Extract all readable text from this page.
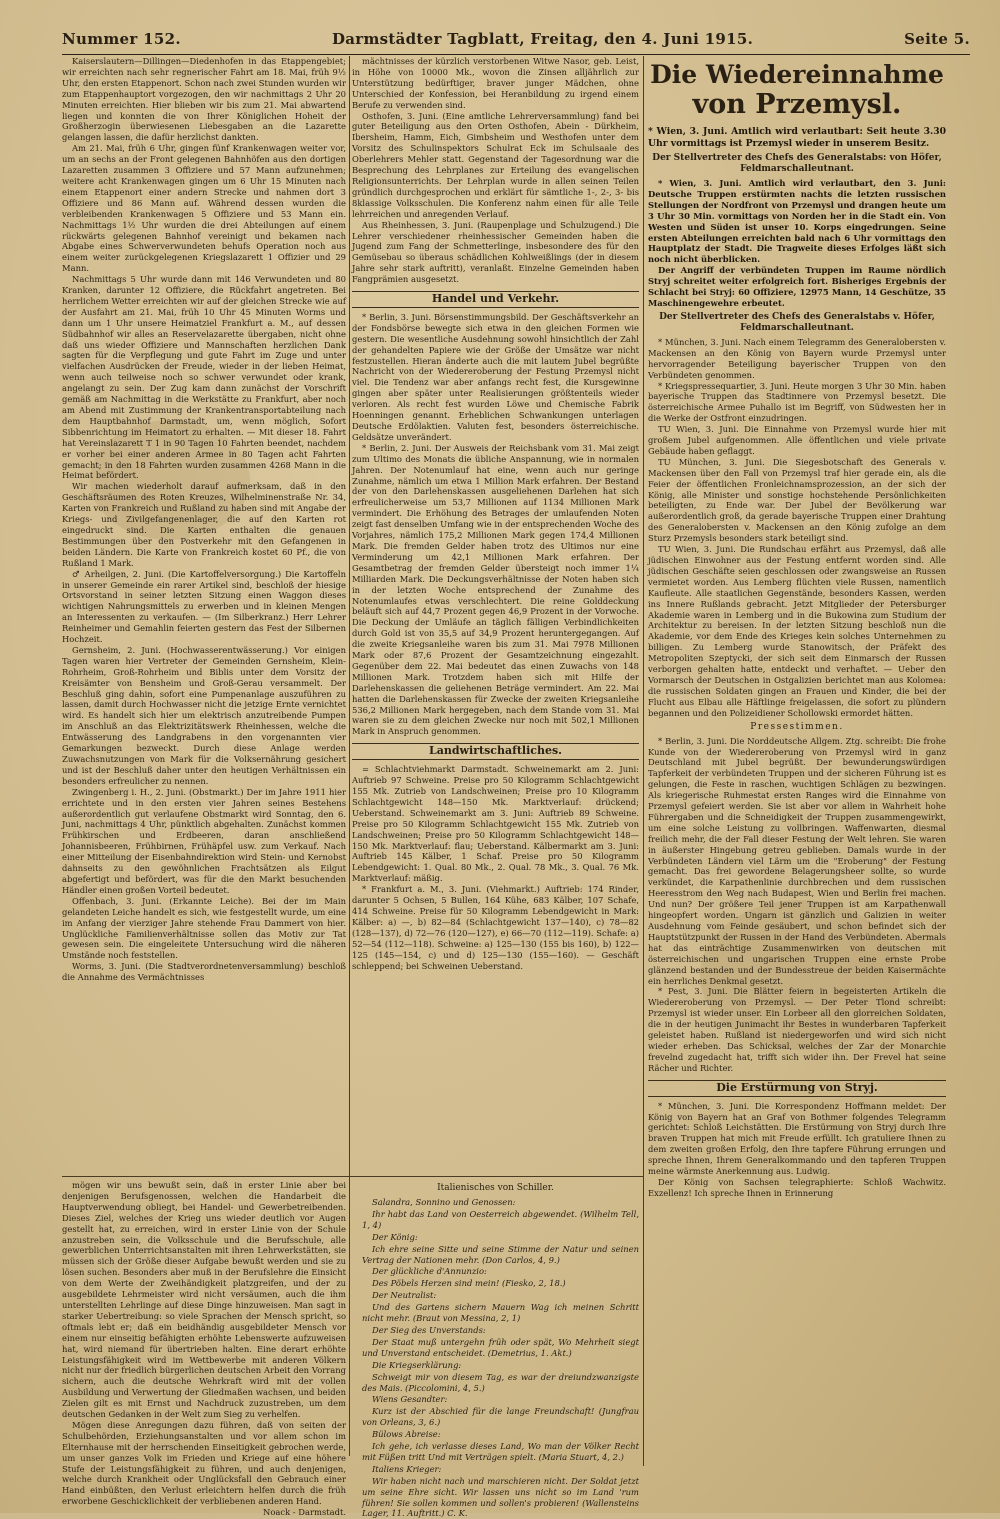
Nummer 152.	Darmstädter Tagblatt, Freitag, den 4. Juni 1915.	Seite 5.

Kaiserslautern—Dillingen—Diedenhofen in das Etappengebiet; wir erreichten nach sehr regnerischer Fahrt am 18. Mai, früh 9½ Uhr, den ersten Etappenort. Schon nach zwei Stunden wurden wir zum Etappenhauptort vorgezogen, den wir nachmittags 2 Uhr 20 Minuten erreichten. Hier blieben wir bis zum 21. Mai abwartend liegen und konnten die von Ihrer Königlichen Hoheit der Großherzogin überwiesenen Liebesgaben an die Lazarette gelangen lassen, die dafür herzlichst dankten.

Am 21. Mai, früh 6 Uhr, gingen fünf Krankenwagen weiter vor, um an sechs an der Front gelegenen Bahnhöfen aus den dortigen Lazaretten zusammen 3 Offiziere und 57 Mann aufzunehmen; weitere acht Krankenwagen gingen um 6 Uhr 15 Minuten nach einem Etappenort einer andern Strecke und nahmen dort 3 Offiziere und 86 Mann auf. Während dessen wurden die verbleibenden Krankenwagen 5 Offiziere und 53 Mann ein. Nachmittags 1½ Uhr wurden die drei Abteilungen auf einem rückwärts gelegenen Bahnhof vereinigt und bekamen nach Abgabe eines Schwerverwundeten behufs Operation noch aus einem weiter zurückgelegenen Kriegslazarett 1 Offizier und 29 Mann.

Nachmittags 5 Uhr wurde dann mit 146 Verwundeten und 80 Kranken, darunter 12 Offiziere, die Rückfahrt angetreten. Bei herrlichem Wetter erreichten wir auf der gleichen Strecke wie auf der Ausfahrt am 21. Mai, früh 10 Uhr 45 Minuten Worms und dann um 1 Uhr unsere Heimatziel Frankfurt a. M., auf dessen Südbahnhof wir alles an Reservelazarette übergaben, nicht ohne daß uns wieder Offiziere und Mannschaften herzlichen Dank sagten für die Verpflegung und gute Fahrt im Zuge und unter vielfachen Ausdrücken der Freude, wieder in der lieben Heimat, wenn auch teilweise noch so schwer verwundet oder krank, angelangt zu sein. Der Zug kam dann zunächst der Vorschrift gemäß am Nachmittag in die Werkstätte zu Frankfurt, aber noch am Abend mit Zustimmung der Krankentransportabteilung nach dem Hauptbahnhof Darmstadt, um, wenn möglich, Sofort Sibbenrichtung im Heimatort zu erhalten. — Mit dieser 18. Fahrt hat Vereinslazarett T 1 in 90 Tagen 10 Fahrten beendet, nachdem er vorher bei einer anderen Armee in 80 Tagen acht Fahrten gemacht; in den 18 Fahrten wurden zusammen 4268 Mann in die Heimat befördert.

Wir machen wiederholt darauf aufmerksam, daß in den Geschäftsräumen des Roten Kreuzes, Wilhelminenstraße Nr. 34, Karten von Frankreich und Rußland zu haben sind mit Angabe der Kriegs- und Zivilgefangenenlager, die auf den Karten rot eingedruckt sind. Die Karten enthalten die genauen Bestimmungen über den Postverkehr mit den Gefangenen in beiden Ländern. Die Karte von Frankreich kostet 60 Pf., die von Rußland 1 Mark.

♂ Arheilgen, 2. Juni. (Die Kartoffelversorgung.) Die Kartoffeln in unserer Gemeinde ein rarer Artikel sind, beschloß der hiesige Ortsvorstand in seiner letzten Sitzung einen Waggon dieses wichtigen Nahrungsmittels zu erwerben und in kleinen Mengen an Interessenten zu verkaufen. — (Im Silberkranz.) Herr Lehrer Reinheimer und Gemahlin feierten gestern das Fest der Silbernen Hochzeit.

Gernsheim, 2. Juni. (Hochwasserentwässerung.) Vor einigen Tagen waren hier Vertreter der Gemeinden Gernsheim, Klein-Rohrheim, Groß-Rohrheim und Biblis unter dem Vorsitz der Kreisämter von Bensheim und Groß-Gerau versammelt. Der Beschluß ging dahin, sofort eine Pumpenanlage auszuführen zu lassen, damit durch Hochwasser nicht die jetzige Ernte vernichtet wird. Es handelt sich hier um elektrisch anzutreibende Pumpen im Anschluß an das Elektrizitätswerk Rheinhessen, welche die Entwässerung des Landgrabens in den vorgenannten vier Gemarkungen bezweckt. Durch diese Anlage werden Zuwachsnutzungen von Mark für die Volksernährung gesichert und ist der Beschluß daher unter den heutigen Verhältnissen ein besonders erfreulicher zu nennen.

Zwingenberg i. H., 2. Juni. (Obstmarkt.) Der im Jahre 1911 hier errichtete und in den ersten vier Jahren seines Bestehens außerordentlich gut verlaufene Obstmarkt wird Sonntag, den 6. Juni, nachmittags 4 Uhr, pünktlich abgehalten. Zunächst kommen Frühkirschen und Erdbeeren, daran anschließend Johannisbeeren, Frühbirnen, Frühäpfel usw. zum Verkauf. Nach einer Mitteilung der Eisenbahndirektion wird Stein- und Kernobst dahnseits zu den gewöhnlichen Frachtsätzen als Eilgut abgefertigt und befördert, was für die den Markt besuchenden Händler einen großen Vorteil bedeutet.

Offenbach, 3. Juni. (Erkannte Leiche). Bei der im Main gelandeten Leiche handelt es sich, wie festgestellt wurde, um eine im Anfang der vierziger Jahre stehende Frau Dammert von hier. Unglückliche Familienverhältnisse sollen das Motiv zur Tat gewesen sein. Die eingeleitete Untersuchung wird die näheren Umstände noch feststellen.

Worms, 3. Juni. (Die Stadtverordnetenversammlung) beschloß die Annahme des Vermächtnisses

mächtnisses der kürzlich verstorbenen Witwe Nasor, geb. Leist, in Höhe von 10000 Mk., wovon die Zinsen alljährlich zur Unterstützung bedürftiger, braver junger Mädchen, ohne Unterschied der Konfession, bei Heranbildung zu irgend einem Berufe zu verwenden sind.

Osthofen, 3. Juni. (Eine amtliche Lehrerversammlung) fand bei guter Beteiligung aus den Orten Osthofen, Abein - Dürkheim, Ibersheim, Hamm, Eich, Gimbsheim und Westhofen unter dem Vorsitz des Schulinspektors Schulrat Eck im Schulsaale des Oberlehrers Mehler statt. Gegenstand der Tagesordnung war die Besprechung des Lehrplanes zur Erteilung des evangelischen Religionsunterrichts. Der Lehrplan wurde in allen seinen Teilen gründlich durchgesprochen und erklärt für sämtliche 1-, 2-, 3- bis 8klassige Volksschulen. Die Konferenz nahm einen für alle Teile lehrreichen und anregenden Verlauf.

Aus Rheinhessen, 3. Juni. (Raupenplage und Schulzugend.) Die Lehrer verschiedener rheinhessischer Gemeinden haben die Jugend zum Fang der Schmetterlinge, insbesondere des für den Gemüsebau so überaus schädlichen Kohlweißlings (der in diesem Jahre sehr stark auftritt), veranlaßt. Einzelne Gemeinden haben Fangprämien ausgesetzt.

Handel und Verkehr.

* Berlin, 3. Juni. Börsenstimmungsbild. Der Geschäftsverkehr an der Fondsbörse bewegte sich etwa in den gleichen Formen wie gestern. Die wesentliche Ausdehnung sowohl hinsichtlich der Zahl der gehandelten Papiere wie der Größe der Umsätze war nicht festzustellen. Hieran änderte auch die mit lautem Jubel begrüßte Nachricht von der Wiedereroberung der Festung Przemysl nicht viel. Die Tendenz war aber anfangs recht fest, die Kursgewinne gingen aber später unter Realisierungen größtenteils wieder verloren. Als recht fest wurden Löwe und Chemische Fabrik Hoenningen genannt. Erheblichen Schwankungen unterlagen Deutsche Erdölaktien. Valuten fest, besonders österreichische. Geldsätze unverändert.

* Berlin, 2. Juni. Der Ausweis der Reichsbank vom 31. Mai zeigt zum Ultimo des Monats die übliche Anspannung, wie in normalen Jahren. Der Notenumlauf hat eine, wenn auch nur geringe Zunahme, nämlich um etwa 1 Million Mark erfahren. Der Bestand der von den Darlehenskassen ausgeliehenen Darlehen hat sich erfreulicherweise um 53,7 Millionen auf 1134 Millionen Mark vermindert. Die Erhöhung des Betrages der umlaufenden Noten zeigt fast denselben Umfang wie in der entsprechenden Woche des Vorjahres, nämlich 175,2 Millionen Mark gegen 174,4 Millionen Mark. Die fremden Gelder haben trotz des Ultimos nur eine Verminderung um 42,1 Millionen Mark erfahren. Der Gesamtbetrag der fremden Gelder übersteigt noch immer 1¼ Milliarden Mark. Die Deckungsverhältnisse der Noten haben sich in der letzten Woche entsprechend der Zunahme des Notenumlaufes etwas verschlechtert. Die reine Golddeckung beläuft sich auf 44,7 Prozent gegen 46,9 Prozent in der Vorwoche. Die Deckung der Umläufe an täglich fälligen Verbindlichkeiten durch Gold ist von 35,5 auf 34,9 Prozent heruntergegangen. Auf die zweite Kriegsanleihe waren bis zum 31. Mai 7978 Millionen Mark oder 87,6 Prozent der Gesamtzeichnung eingezahlt. Gegenüber dem 22. Mai bedeutet das einen Zuwachs von 148 Millionen Mark. Trotzdem haben sich mit Hilfe der Darlehenskassen die geliehenen Beträge vermindert. Am 22. Mai hatten die Darlehenskassen für Zwecke der zweiten Kriegsanleihe 536,2 Millionen Mark hergegeben, nach dem Stande vom 31. Mai waren sie zu dem gleichen Zwecke nur noch mit 502,1 Millionen Mark in Anspruch genommen.

Landwirtschaftliches.

= Schlachtviehmarkt Darmstadt. Schweinemarkt am 2. Juni: Auftrieb 97 Schweine. Preise pro 50 Kilogramm Schlachtgewicht 155 Mk. Zutrieb von Landschweinen; Preise pro 10 Kilogramm Schlachtgewicht 148—150 Mk. Marktverlauf: drückend; Ueberstand. Schweinemarkt am 3. Juni: Auftrieb 89 Schweine. Preise pro 50 Kilogramm Schlachtgewicht 155 Mk. Zutrieb von Landschweinen; Preise pro 50 Kilogramm Schlachtgewicht 148—150 Mk. Marktverlauf: flau; Ueberstand. Kälbermarkt am 3. Juni: Auftrieb 145 Kälber, 1 Schaf. Preise pro 50 Kilogramm Lebendgewicht: 1. Qual. 80 Mk., 2. Qual. 78 Mk., 3. Qual. 76 Mk. Marktverlauf: mäßig.

* Frankfurt a. M., 3. Juni. (Viehmarkt.) Auftrieb: 174 Rinder, darunter 5 Ochsen, 5 Bullen, 164 Kühe, 683 Kälber, 107 Schafe, 414 Schweine. Preise für 50 Kilogramm Lebendgewicht in Mark: Kälber: a) —, b) 82—84 (Schlachtgewicht 137—140), c) 78—82 (128—137), d) 72—76 (120—127), e) 66—70 (112—119). Schafe: a) 52—54 (112—118). Schweine: a) 125—130 (155 bis 160), b) 122—125 (145—154, c) und d) 125—130 (155—160). — Geschäft schleppend; bei Schweinen Ueberstand.

Die Wiedereinnahme
von Przemysl.
* Wien, 3. Juni. Amtlich wird verlautbart: Seit heute 3.30 Uhr vormittags ist Przemysl wieder in unserem Besitz.
Der Stellvertreter des Chefs des Generalstabs: von Höfer, Feldmarschalleutnant.

* Wien, 3. Juni. Amtlich wird verlautbart, den 3. Juni: Deutsche Truppen erstürmten nachts die letzten russischen Stellungen der Nordfront von Przemysl und drangen heute um 3 Uhr 30 Min. vormittags von Norden her in die Stadt ein. Von Westen und Süden ist unser 10. Korps eingedrungen. Seine ersten Abteilungen erreichten bald nach 6 Uhr vormittags den Hauptplatz der Stadt. Die Tragweite dieses Erfolges läßt sich noch nicht überblicken.

Der Angriff der verbündeten Truppen im Raume nördlich Stryj schreitet weiter erfolgreich fort. Bisheriges Ergebnis der Schlacht bei Stryj: 60 Offiziere, 12975 Mann, 14 Geschütze, 35 Maschinengewehre erbeutet.

Der Stellvertreter des Chefs des Generalstabs v. Höfer, Feldmarschalleutnant.

* München, 3. Juni. Nach einem Telegramm des Generalobersten v. Mackensen an den König von Bayern wurde Przemysl unter hervorragender Beteiligung bayerischer Truppen von den Verbündeten genommen.

* Kriegspressequartier, 3. Juni. Heute morgen 3 Uhr 30 Min. haben bayerische Truppen das Stadtinnere von Przemysl besetzt. Die österreichische Armee Puhallo ist im Begriff, von Südwesten her in die Werke der Ostfront einzudringen.

TU Wien, 3. Juni. Die Einnahme von Przemysl wurde hier mit großem Jubel aufgenommen. Alle öffentlichen und viele private Gebäude haben geflaggt.

TU München, 3. Juni. Die Siegesbotschaft des Generals v. Mackensen über den Fall von Przemysl traf hier gerade ein, als die Feier der öffentlichen Fronleichnamsprozession, an der sich der König, alle Minister und sonstige hochstehende Persönlichkeiten beteiligten, zu Ende war. Der Jubel der Bevölkerung war außerordentlich groß, da gerade bayerische Truppen einer Drahtung des Generalobersten v. Mackensen an den König zufolge an dem Sturz Przemysls besonders stark beteiligt sind.

TU Wien, 3. Juni. Die Rundschau erfährt aus Przemysl, daß alle jüdischen Einwohner aus der Festung entfernt worden sind. Alle jüdischen Geschäfte seien geschlossen oder zwangsweise an Russen vermietet worden. Aus Lemberg flüchten viele Russen, namentlich Kaufleute. Alle staatlichen Gegenstände, besonders Kassen, werden ins Innere Rußlands gebracht. Jetzt Mitglieder der Petersburger Akademie waren in Lemberg und in die Bukowina zum Studium der Architektur zu bereisen. In der letzten Sitzung beschloß nun die Akademie, vor dem Ende des Krieges kein solches Unternehmen zu billigen. Zu Lemberg wurde Stanowitsch, der Präfekt des Metropoliten Szeptycki, der sich seit dem Einmarsch der Russen verborgen gehalten hatte, entdeckt und verhaftet. — Ueber den Vormarsch der Deutschen in Ostgalizien berichtet man aus Kolomea: die russischen Soldaten gingen an Frauen und Kinder, die bei der Flucht aus Elbau alle Häftlinge freigelassen, die sofort zu plündern begannen und den Polizeidiener Schollowski ermordet hätten.

Pressestimmen.

* Berlin, 3. Juni. Die Norddeutsche Allgem. Ztg. schreibt: Die frohe Kunde von der Wiedereroberung von Przemysl wird in ganz Deutschland mit Jubel begrüßt. Der bewunderungswürdigen Tapferkeit der verbündeten Truppen und der sicheren Führung ist es gelungen, die Feste in raschen, wuchtigen Schlägen zu bezwingen. Als kriegerische Ruhmestat ersten Ranges wird die Einnahme von Przemysl gefeiert werden. Sie ist aber vor allem in Wahrheit hohe Führergaben und die Schneidigkeit der Truppen zusammengewirkt, um eine solche Leistung zu vollbringen. Waffenwarten, diesmal freilich mehr, die der Fall dieser Festung der Welt lehren. Sie waren in äußerster Hingebung getreu geblieben. Damals wurde in der Verbündeten Ländern viel Lärm um die "Eroberung" der Festung gemacht. Das frei gewordene Belagerungsheer sollte, so wurde verkündet, die Karpathenlinie durchbrechen und dem russischen Heeresstrom den Weg nach Budapest, Wien und Berlin frei machen. Und nun? Der größere Teil jener Truppen ist am Karpathenwall hingeopfert worden. Ungarn ist gänzlich und Galizien in weiter Ausdehnung vom Feinde gesäubert, und schon befindet sich der Hauptstützpunkt der Russen in der Hand des Verbündeten. Abermals hat das einträchtige Zusammenwirken von deutschen mit österreichischen und ungarischen Truppen eine ernste Probe glänzend bestanden und der Bundesstreue der beiden Kaisermächte ein herrliches Denkmal gesetzt.

* Pest, 3. Juni. Die Blätter feiern in begeisterten Artikeln die Wiedereroberung von Przemysl. — Der Peter Tlond schreibt: Przemysl ist wieder unser. Ein Lorbeer all den glorreichen Soldaten, die in der heutigen Junimacht ihr Bestes in wunderbaren Tapferkeit geleistet haben. Rußland ist niedergeworfen und wird sich nicht wieder erheben. Das Schicksal, welches der Zar der Monarchie frevelnd zugedacht hat, trifft sich wider ihn. Der Frevel hat seine Rächer und Richter.

Die Erstürmung von Stryj.

* München, 3. Juni. Die Korrespondenz Hoffmann meldet: Der König von Bayern hat an Graf von Bothmer folgendes Telegramm gerichtet: Schloß Leichstätten. Die Erstürmung von Stryj durch Ihre braven Truppen hat mich mit Freude erfüllt. Ich gratuliere Ihnen zu dem zweiten großen Erfolg, den Ihre tapfere Führung errungen und spreche Ihnen, Ihrem Generalkommando und den tapferen Truppen meine wärmste Anerkennung aus. Ludwig.

Der König von Sachsen telegraphierte: Schloß Wachwitz. Exzellenz! Ich spreche Ihnen in Erinnerung

mögen wir uns bewußt sein, daß in erster Linie aber bei denjenigen Berufsgenossen, welchen die Handarbeit die Hauptverwendung obliegt, bei Handel- und Gewerbetreibenden. Dieses Ziel, welches der Krieg uns wieder deutlich vor Augen gestellt hat, zu erreichen, wird in erster Linie von der Schule anzustreben sein, die Volksschule und die Berufsschule, alle gewerblichen Unterrichtsanstalten mit ihren Lehrwerkstätten, sie müssen sich der Größe dieser Aufgabe bewußt werden und sie zu lösen suchen. Besonders aber muß in der Berufslehre die Einsicht von dem Werte der Zweihändigkeit platzgreifen, und der zu ausgebildete Lehrmeister wird nicht versäumen, auch die ihm unterstellten Lehrlinge auf diese Dinge hinzuweisen. Man sagt in starker Uebertreibung: so viele Sprachen der Mensch spricht, so oftmals lebt er; daß ein beidhändig ausgebildeter Mensch vor einem nur einseitig befähigten erhöhte Lebenswerte aufzuweisen hat, wird niemand für übertrieben halten. Eine derart erhöhte Leistungsfähigkeit wird im Wettbewerbe mit anderen Völkern nicht nur der friedlich bürgerlichen deutschen Arbeit den Vorrang sichern, auch die deutsche Wehrkraft wird mit der vollen Ausbildung und Verwertung der Gliedmaßen wachsen, und beiden Zielen gilt es mit Ernst und Nachdruck zuzustreben, um dem deutschen Gedanken in der Welt zum Sieg zu verhelfen.

Mögen diese Anregungen dazu führen, daß von seiten der Schulbehörden, Erziehungsanstalten und vor allem schon im Elternhause mit der herrschenden Einseitigkeit gebrochen werde, um unser ganzes Volk im Frieden und Kriege auf eine höhere Stufe der Leistungsfähigkeit zu führen, und auch denjenigen, welche durch Krankheit oder Unglücksfall den Gebrauch einer Hand einbüßten, den Verlust erleichtern helfen durch die früh erworbene Geschicklichkeit der verbliebenen anderen Hand.

Noack - Darmstadt.
Italienisches von Schiller.

Salandra, Sonnino und Genossen:

Ihr habt das Land von Oesterreich abgewendet. (Wilhelm Tell, 1, 4)

Der König:

Ich ehre seine Sitte und seine Stimme der Natur und seinen Vertrag der Nationen mehr. (Don Carlos, 4, 9.)

Der glückliche d'Annunzio:

Des Pöbels Herzen sind mein! (Fiesko, 2, 18.)

Der Neutralist:

Und des Gartens sichern Mauern Wag ich meinen Schritt nicht mehr. (Braut von Messina, 2, 1)

Der Sieg des Unverstands:

Der Staat muß untergehn früh oder spät, Wo Mehrheit siegt und Unverstand entscheidet. (Demetrius, 1. Akt.)

Die Kriegserklärung:

Schweigt mir von diesem Tag, es war der dreiundzwanzigste des Mais. (Piccolomini, 4, 5.)

Wiens Gesandter:

Kurz ist der Abschied für die lange Freundschaft! (Jungfrau von Orleans, 3, 6.)

Bülows Abreise:

Ich gehe, ich verlasse dieses Land, Wo man der Völker Recht mit Füßen tritt Und mit Verträgen spielt. (Maria Stuart, 4, 2.)

Italiens Krieger:

Wir haben nicht nach und marschieren nicht. Der Soldat jetzt um seine Ehre sicht. Wir lassen uns nicht so im Land 'rum führen! Sie sollen kommen und sollen's probieren! (Wallensteins Lager, 11. Auftritt.) C. K.
